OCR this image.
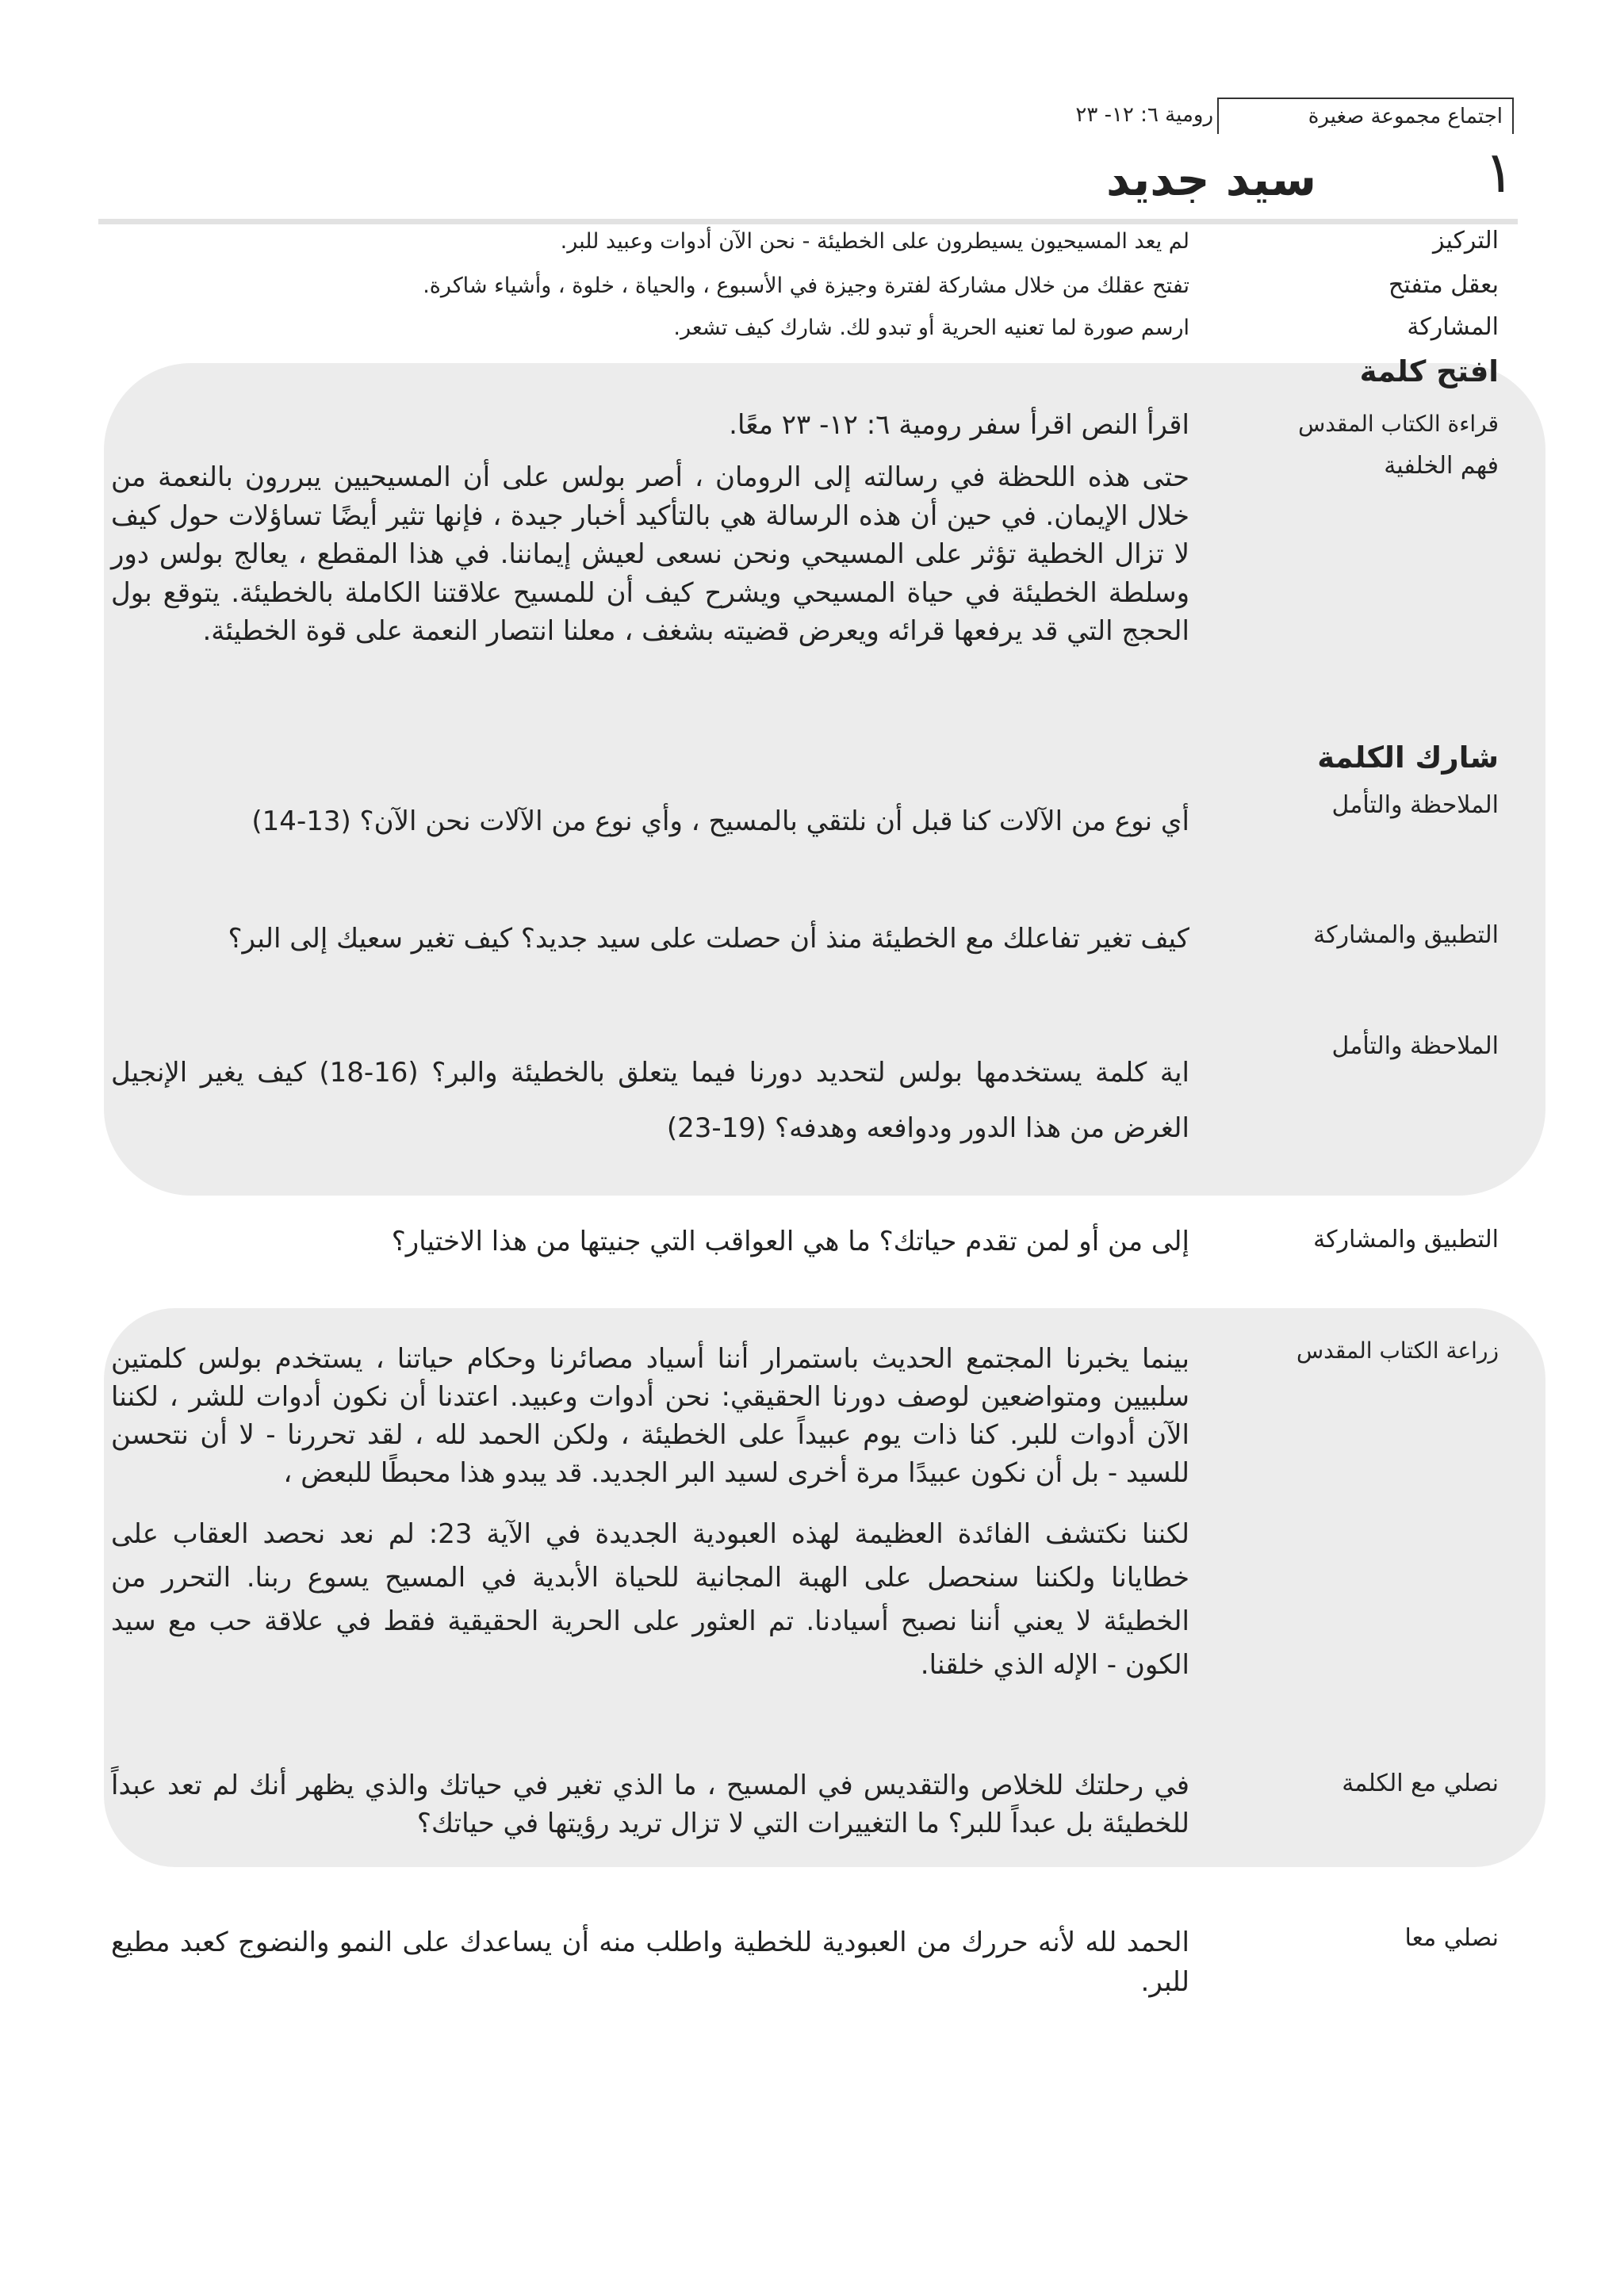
اجتماع مجموعة صغيرة
رومية ٦: ١٢- ٢٣
١
سيد جديد
التركيز
لم يعد المسيحيون يسيطرون على الخطيئة - نحن الآن أدوات وعبيد للبر.
بعقل متفتح
تفتح عقلك من خلال مشاركة لفترة وجيزة في الأسبوع ، والحياة ، خلوة ، وأشياء شاكرة.
المشاركة
ارسم صورة لما تعنيه الحرية أو تبدو لك. شارك كيف تشعر.
افتح كلمة
قراءة الكتاب المقدس
اقرأ النص اقرأ سفر رومية ٦: ١٢- ٢٣ معًا.
فهم الخلفية
حتى هذه اللحظة في رسالته إلى الرومان ، أصر بولس على أن المسيحيين يبررون بالنعمة من خلال الإيمان. في حين أن هذه الرسالة هي بالتأكيد أخبار جيدة ، فإنها تثير أيضًا تساؤلات حول كيف لا تزال الخطية تؤثر على المسيحي ونحن نسعى لعيش إيماننا. في هذا المقطع ، يعالج بولس دور وسلطة الخطيئة في حياة المسيحي ويشرح كيف أن للمسيح علاقتنا الكاملة بالخطيئة. يتوقع بول الحجج التي قد يرفعها قرائه ويعرض قضيته بشغف ، معلنا انتصار النعمة على قوة الخطيئة.
شارك الكلمة
الملاحظة والتأمل
أي نوع من الآلات كنا قبل أن نلتقي بالمسيح ، وأي نوع من الآلات نحن الآن؟ (13-14)
التطبيق والمشاركة
كيف تغير تفاعلك مع الخطيئة منذ أن حصلت على سيد جديد؟ كيف تغير سعيك إلى البر؟
الملاحظة والتأمل
اية كلمة يستخدمها بولس لتحديد دورنا فيما يتعلق بالخطيئة والبر؟ (16-18) كيف يغير الإنجيل الغرض من هذا الدور ودوافعه وهدفه؟ (19-23)
التطبيق والمشاركة
إلى من أو لمن تقدم حياتك؟ ما هي العواقب التي جنيتها من هذا الاختيار؟
زراعة الكتاب المقدس
بينما يخبرنا المجتمع الحديث باستمرار أننا أسياد مصائرنا وحكام حياتنا ، يستخدم بولس كلمتين سلبيين ومتواضعين لوصف دورنا الحقيقي: نحن أدوات وعبيد. اعتدنا أن نكون أدوات للشر ، لكننا الآن أدوات للبر. كنا ذات يوم عبيداً على الخطيئة ، ولكن الحمد لله ، لقد تحررنا - لا أن نتحسن للسيد - بل أن نكون عبيدًا مرة أخرى لسيد البر الجديد. قد يبدو هذا محبطًا للبعض ،
لكننا نكتشف الفائدة العظيمة لهذه العبودية الجديدة في الآية 23: لم نعد نحصد العقاب على خطايانا ولكننا سنحصل على الهبة المجانية للحياة الأبدية في المسيح يسوع ربنا. التحرر من الخطيئة لا يعني أننا نصبح أسيادنا. تم العثور على الحرية الحقيقية فقط في علاقة حب مع سيد الكون - الإله الذي خلقنا.
نصلي مع الكلمة
في رحلتك للخلاص والتقديس في المسيح ، ما الذي تغير في حياتك والذي يظهر أنك لم تعد عبداً للخطيئة بل عبداً للبر؟ ما التغييرات التي لا تزال تريد رؤيتها في حياتك؟
نصلي معا
الحمد لله لأنه حررك من العبودية للخطية واطلب منه أن يساعدك على النمو والنضوج كعبد مطيع للبر.
